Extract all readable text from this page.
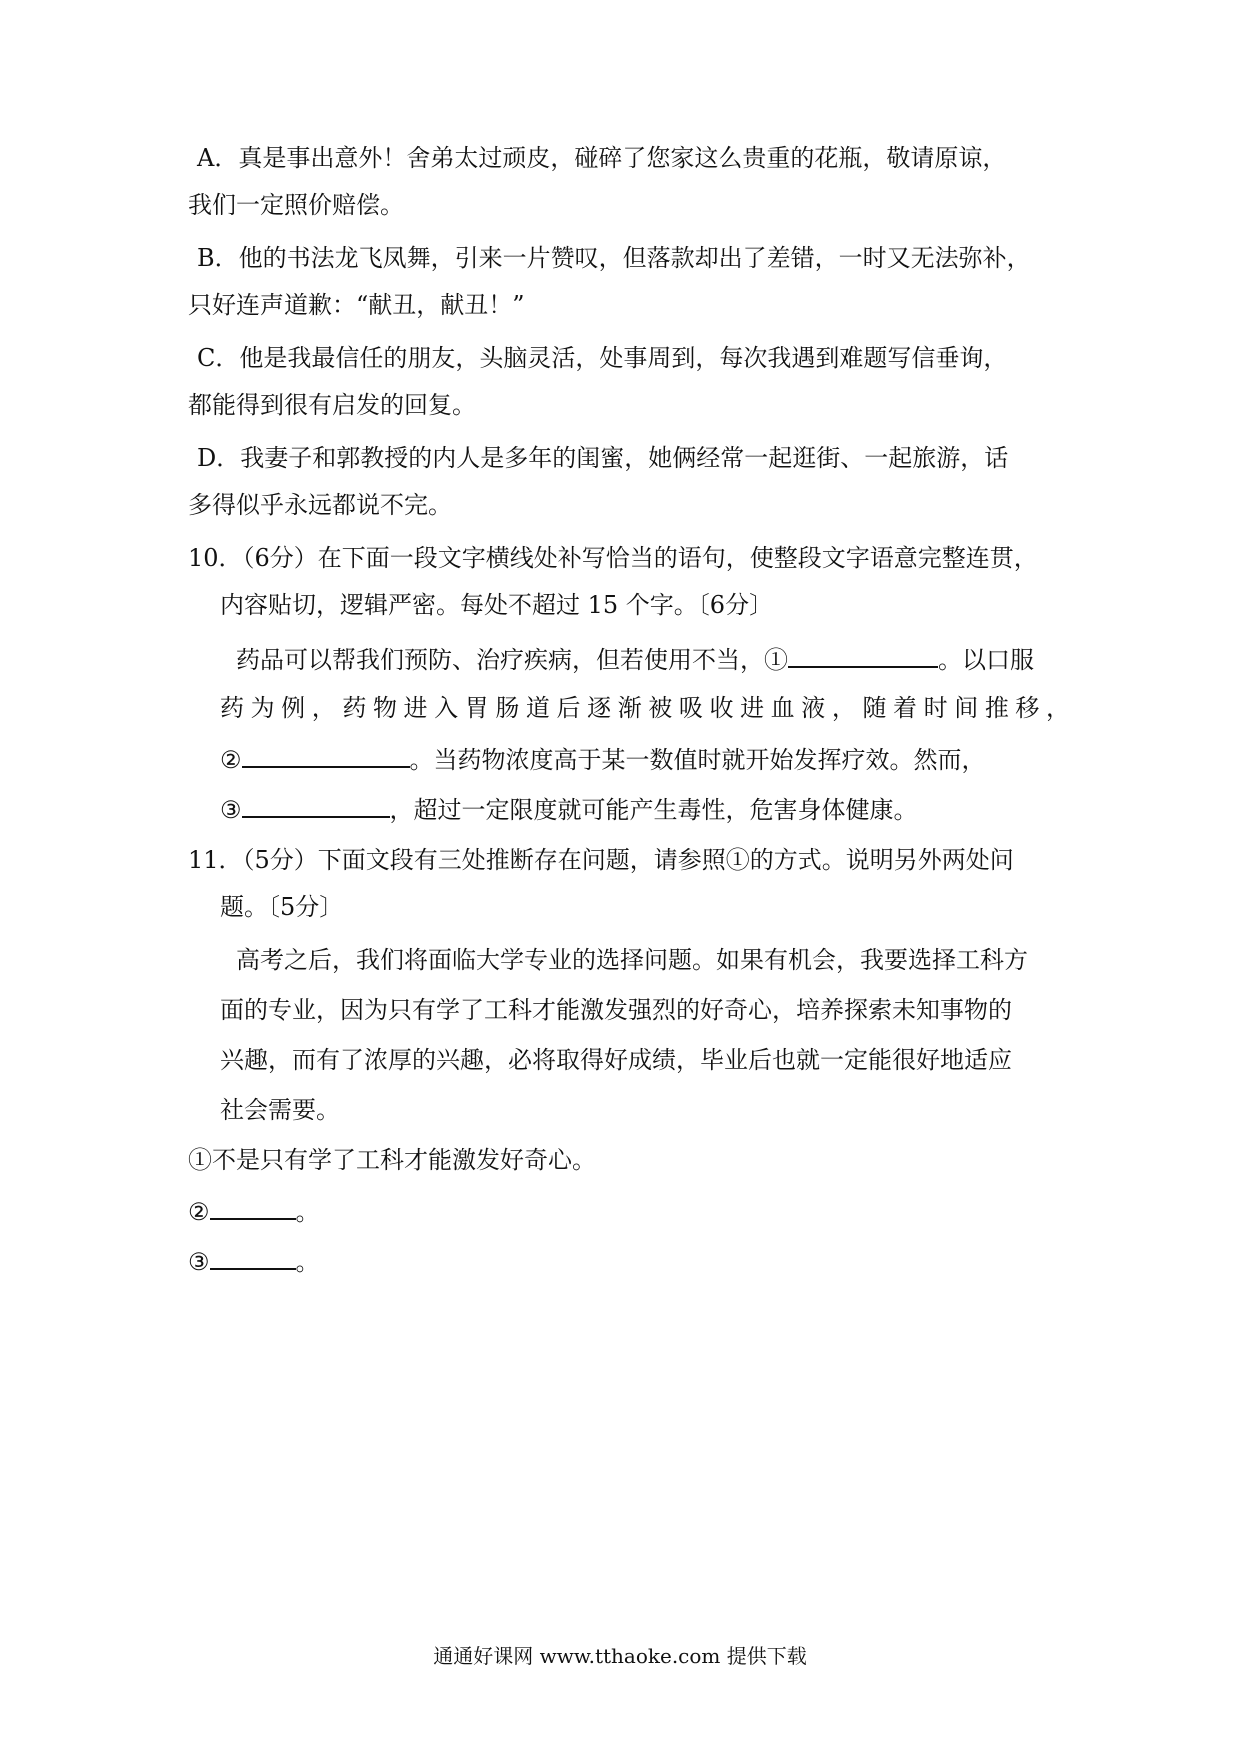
A．真是事出意外！舍弟太过顽皮，碰碎了您家这么贵重的花瓶，敬请原谅，
我们一定照价赔偿。
B．他的书法龙飞凤舞，引来一片赞叹，但落款却出了差错，一时又无法弥补，
只好连声道歉：“献丑，献丑！”
C．他是我最信任的朋友，头脑灵活，处事周到，每次我遇到难题写信垂询，
都能得到很有启发的回复。
D．我妻子和郭教授的内人是多年的闺蜜，她俩经常一起逛街、一起旅游，话
多得似乎永远都说不完。
10．（6分）在下面一段文字横线处补写恰当的语句，使整段文字语意完整连贯，
内容贴切，逻辑严密。每处不超过 15 个字。〔6分〕
药品可以帮我们预防、治疗疾病，但若使用不当，①	。以口服
药为例，药物进入胃肠道后逐渐被吸收进血液，随着时间推移，
②	。当药物浓度高于某一数值时就开始发挥疗效。然而，
③	，超过一定限度就可能产生毒性，危害身体健康。
11．（5分）下面文段有三处推断存在问题，请参照①的方式。说明另外两处问
题。〔5分〕
高考之后，我们将面临大学专业的选择问题。如果有机会，我要选择工科方
面的专业，因为只有学了工科才能激发强烈的好奇心，培养探索未知事物的
兴趣，而有了浓厚的兴趣，必将取得好成绩，毕业后也就一定能很好地适应
社会需要。
①不是只有学了工科才能激发好奇心。
②	。
③	。
通通好课网 www.tthaoke.com 提供下载
